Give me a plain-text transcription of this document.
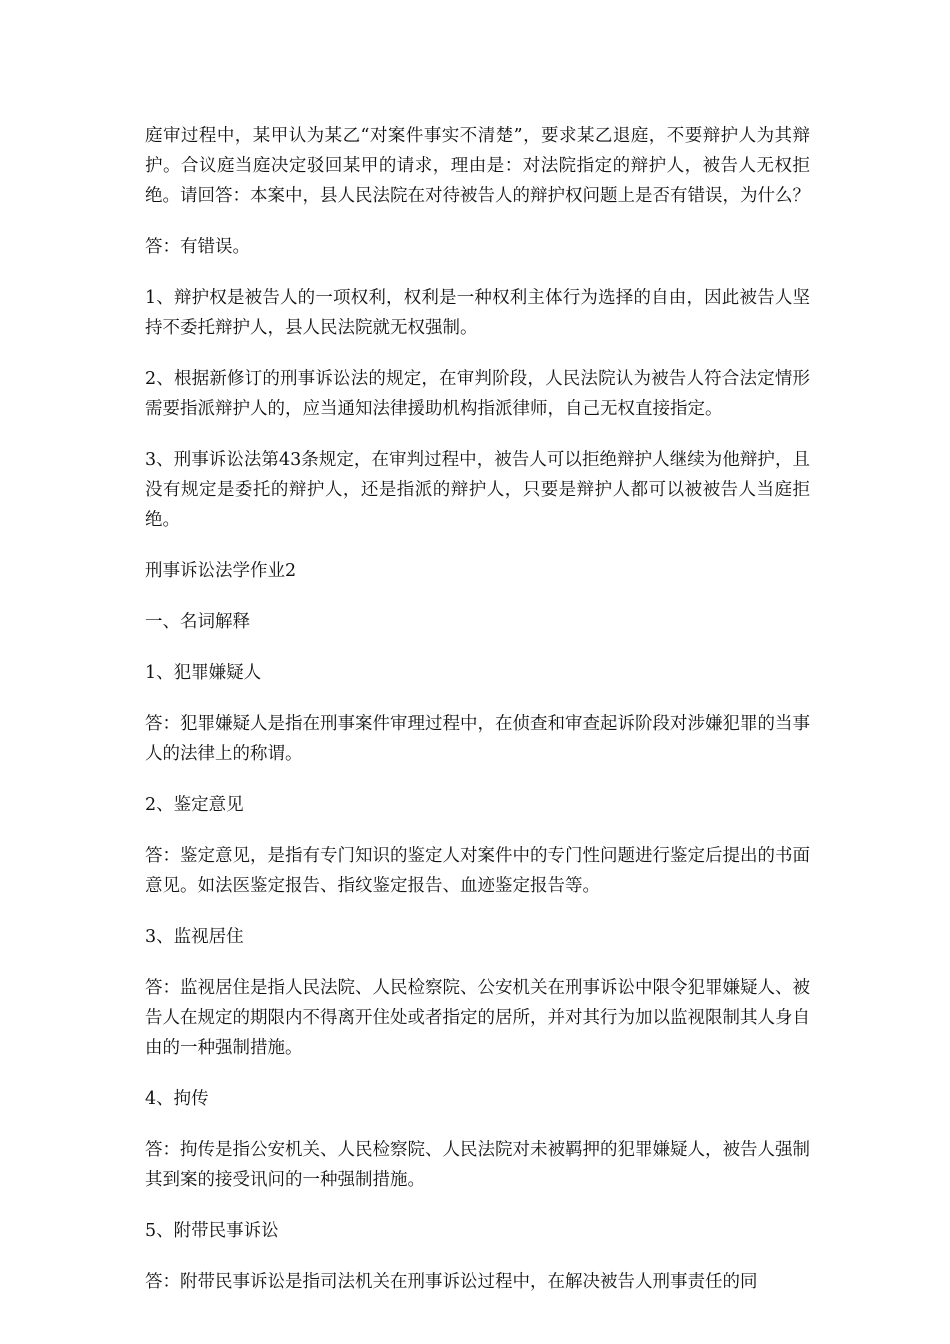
庭审过程中，某甲认为某乙“对案件事实不清楚”，要求某乙退庭，不要辩护人为其辩护。合议庭当庭决定驳回某甲的请求，理由是：对法院指定的辩护人，被告人无权拒绝。请回答：本案中，县人民法院在对待被告人的辩护权问题上是否有错误，为什么？

答：有错误。

1、辩护权是被告人的一项权利，权利是一种权利主体行为选择的自由，因此被告人坚持不委托辩护人，县人民法院就无权强制。

2、根据新修订的刑事诉讼法的规定，在审判阶段，人民法院认为被告人符合法定情形需要指派辩护人的，应当通知法律援助机构指派律师，自己无权直接指定。

3、刑事诉讼法第43条规定，在审判过程中，被告人可以拒绝辩护人继续为他辩护，且没有规定是委托的辩护人，还是指派的辩护人，只要是辩护人都可以被被告人当庭拒绝。

刑事诉讼法学作业2

一、名词解释

1、犯罪嫌疑人

答：犯罪嫌疑人是指在刑事案件审理过程中，在侦查和审查起诉阶段对涉嫌犯罪的当事人的法律上的称谓。

2、鉴定意见

答：鉴定意见，是指有专门知识的鉴定人对案件中的专门性问题进行鉴定后提出的书面意见。如法医鉴定报告、指纹鉴定报告、血迹鉴定报告等。

3、监视居住

答：监视居住是指人民法院、人民检察院、公安机关在刑事诉讼中限令犯罪嫌疑人、被告人在规定的期限内不得离开住处或者指定的居所，并对其行为加以监视限制其人身自由的一种强制措施。

4、拘传

答：拘传是指公安机关、人民检察院、人民法院对未被羁押的犯罪嫌疑人，被告人强制其到案的接受讯问的一种强制措施。

5、附带民事诉讼

答：附带民事诉讼是指司法机关在刑事诉讼过程中，在解决被告人刑事责任的同
